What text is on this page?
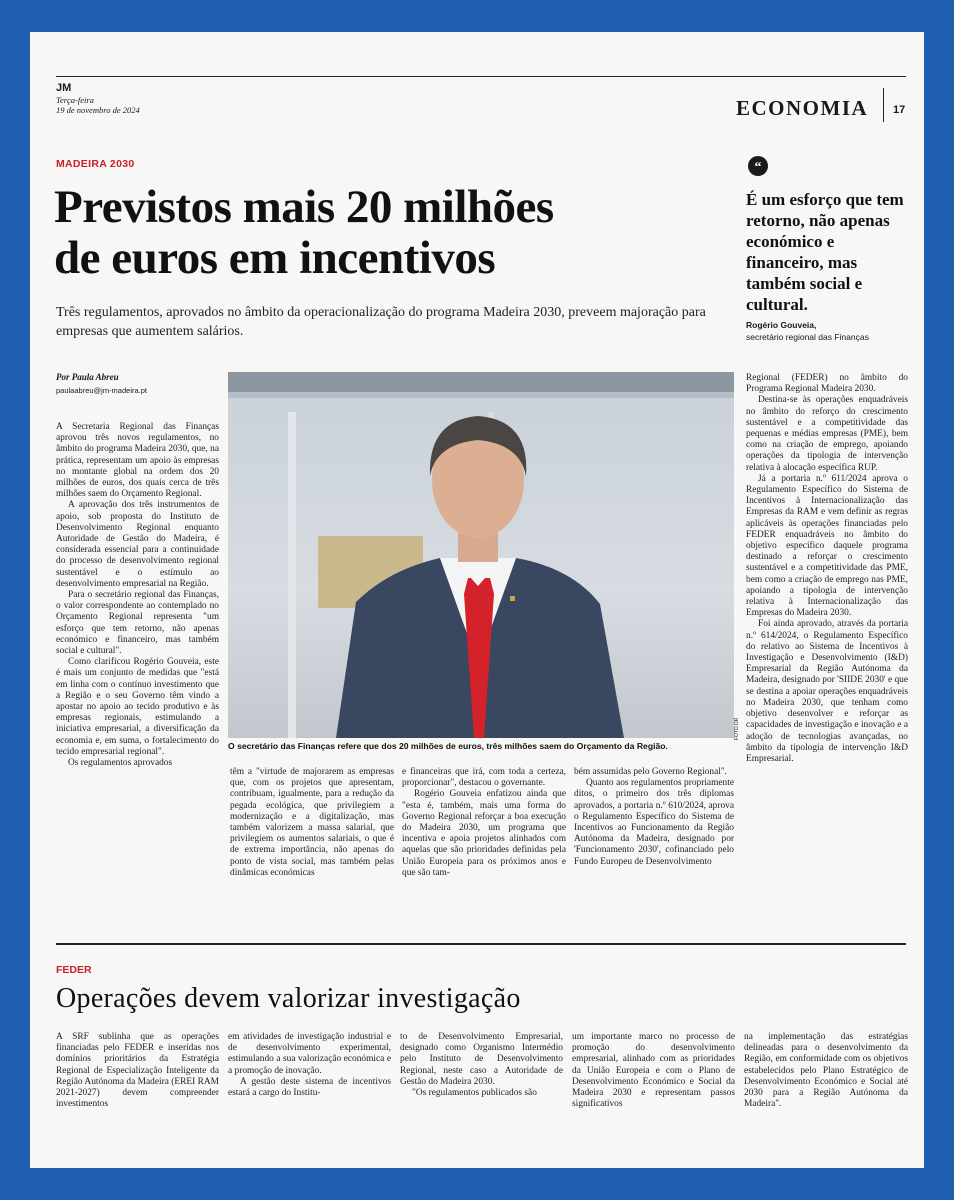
JM
Terça-feira
19 de novembro de 2024	ECONOMIA 17
MADEIRA 2030
Previstos mais 20 milhões
de euros em incentivos
Três regulamentos, aprovados no âmbito da operacionalização do programa Madeira 2030, preveem majoração para empresas que aumentem salários.
“
É um esforço que tem retorno, não apenas económico e financeiro, mas também social e cultural.
Rogério Gouveia,
secretário regional das Finanças
Por Paula Abreu
paulaabreu@jm-madeira.pt

A Secretaria Regional das Finanças aprovou três novos regulamentos, no âmbito do programa Madeira 2030, que, na prática, representam um apoio às empresas no montante global na ordem dos 20 milhões de euros, dos quais cerca de três milhões saem do Orçamento Regional.

A aprovação dos três instrumentos de apoio, sob proposta do Instituto de Desenvolvimento Regional enquanto Autoridade de Gestão do Madeira, é considerada essencial para a continuidade do processo de desenvolvimento regional sustentável e o estímulo ao desenvolvimento empresarial na Região.

Para o secretário regional das Finanças, o valor correspondente ao contemplado no Orçamento Regional representa "um esforço que tem retorno, não apenas económico e financeiro, mas também social e cultural".

Como clarificou Rogério Gouveia, este é mais um conjunto de medidas que "está em linha com o contínuo investimento que a Região e o seu Governo têm vindo a apostar no apoio ao tecido produtivo e às empresas regionais, estimulando a iniciativa empresarial, a diversificação da economia e, em suma, o fortalecimento do tecido empresarial regional".

Os regulamentos aprovados

O secretário das Finanças refere que dos 20 milhões de euros, três milhões saem do Orçamento da Região.
FOTO DR

têm a "virtude de majorarem as empresas que, com os projetos que apresentam, contribuam, igualmente, para a redução da pegada ecológica, que privilegiem a modernização e a digitalização, mas também valorizem a massa salarial, que privilegiem os aumentos salariais, o que é de extrema importância, não apenas do ponto de vista social, mas também pelas dinâmicas económicas

e financeiras que irá, com toda a certeza, proporcionar", destacou o governante.

Rogério Gouveia enfatizou ainda que "esta é, também, mais uma forma do Governo Regional reforçar a boa execução do Madeira 2030, um programa que incentiva e apoia projetos alinhados com aquelas que são prioridades definidas pela União Europeia para os próximos anos e que são tam-

bém assumidas pelo Governo Regional".

Quanto aos regulamentos propriamente ditos, o primeiro dos três diplomas aprovados, a portaria n.º 610/2024, aprova o Regulamento Específico do Sistema de Incentivos ao Funcionamento da Região Autónoma da Madeira, designado por 'Funcionamento 2030', cofinanciado pelo Fundo Europeu de Desenvolvimento

Regional (FEDER) no âmbito do Programa Regional Madeira 2030.

Destina-se às operações enquadráveis no âmbito do reforço do crescimento sustentável e a competitividade das pequenas e médias empresas (PME), bem como na criação de emprego, apoiando operações da tipologia de intervenção relativa à alocação específica RUP.

Já a portaria n.º 611/2024 aprova o Regulamento Específico do Sistema de Incentivos à Internacionalização das Empresas da RAM e vem definir as regras aplicáveis às operações financiadas pelo FEDER enquadráveis no âmbito do objetivo específico daquele programa destinado a reforçar o crescimento sustentável e a competitividade das PME, bem como a criação de emprego nas PME, apoiando a tipologia de intervenção relativa à Internacionalização das Empresas do Madeira 2030.

Foi ainda aprovado, através da portaria n.º 614/2024, o Regulamento Específico do relativo ao Sistema de Incentivos à Investigação e Desenvolvimento (I&D) Empresarial da Região Autónoma da Madeira, designado por 'SIIDE 2030' e que se destina a apoiar operações enquadráveis no Madeira 2030, que tenham como objetivo desenvolver e reforçar as capacidades de investigação e inovação e a adoção de tecnologias avançadas, no âmbito da tipologia de intervenção I&D Empresarial.

FEDER
Operações devem valorizar investigação

A SRF sublinha que as operações financiadas pelo FEDER e inseridas nos domínios prioritários da Estratégia Regional de Especialização Inteligente da Região Autónoma da Madeira (EREI RAM 2021-2027) devem compreender investimentos

em atividades de investigação industrial e de desenvolvimento experimental, estimulando a sua valorização económica e a promoção de inovação.

A gestão deste sistema de incentivos estará a cargo do Institu-

to de Desenvolvimento Empresarial, designado como Organismo Intermédio pelo Instituto de Desenvolvimento Regional, neste caso a Autoridade de Gestão do Madeira 2030.

"Os regulamentos publicados são

um importante marco no processo de promoção do desenvolvimento empresarial, alinhado com as prioridades da União Europeia e com o Plano de Desenvolvimento Económico e Social da Madeira 2030 e representam passos significativos

na implementação das estratégias delineadas para o desenvolvimento da Região, em conformidade com os objetivos estabelecidos pelo Plano Estratégico de Desenvolvimento Económico e Social até 2030 para a Região Autónoma da Madeira".
